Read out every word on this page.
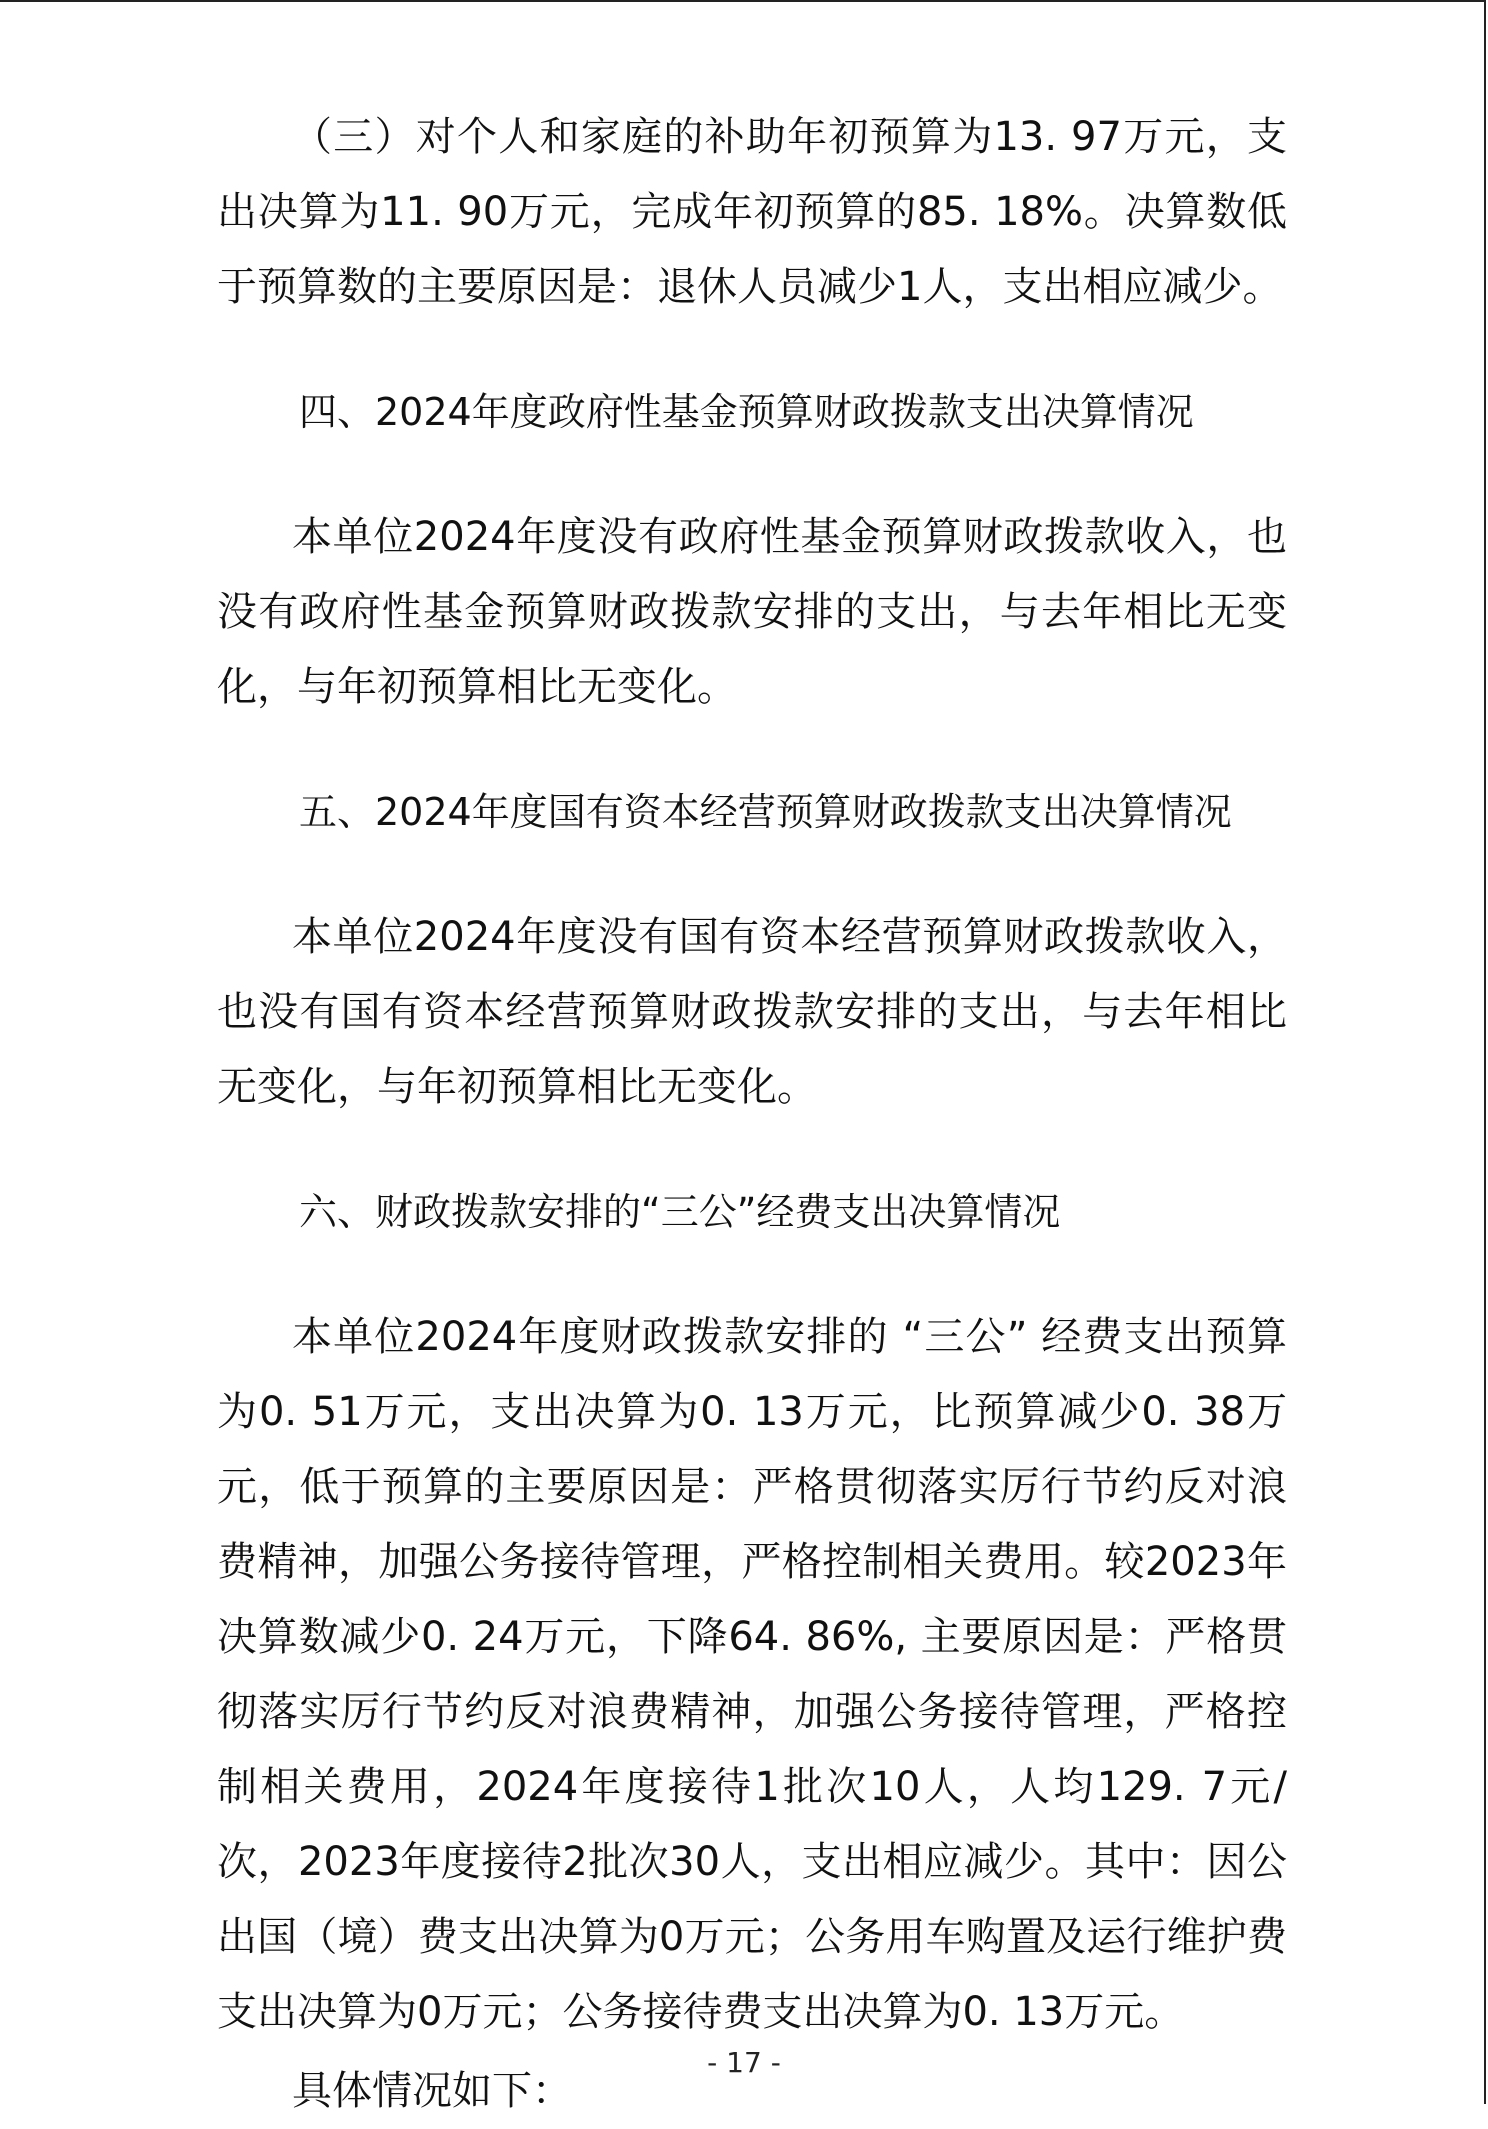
（三）对个人和家庭的补助年初预算为13. 97万元，支出决算为11. 90万元，完成年初预算的85. 18%。决算数低于预算数的主要原因是：退休人员减少1人，支出相应减少。

四、2024年度政府性基金预算财政拨款支出决算情况

本单位2024年度没有政府性基金预算财政拨款收入，也没有政府性基金预算财政拨款安排的支出，与去年相比无变化，与年初预算相比无变化。

五、2024年度国有资本经营预算财政拨款支出决算情况

本单位2024年度没有国有资本经营预算财政拨款收入，也没有国有资本经营预算财政拨款安排的支出，与去年相比无变化，与年初预算相比无变化。

六、财政拨款安排的“三公”经费支出决算情况

本单位2024年度财政拨款安排的 “三公” 经费支出预算为0. 51万元，支出决算为0. 13万元，比预算减少0. 38万元，低于预算的主要原因是：严格贯彻落实厉行节约反对浪费精神，加强公务接待管理，严格控制相关费用。较2023年决算数减少0. 24万元，下降64. 86%, 主要原因是：严格贯彻落实厉行节约反对浪费精神，加强公务接待管理，严格控制相关费用，2024年度接待1批次10人，人均129. 7元/次，2023年度接待2批次30人，支出相应减少。其中：因公出国（境）费支出决算为0万元；公务用车购置及运行维护费支出决算为0万元；公务接待费支出决算为0. 13万元。

具体情况如下：

- 17 -
